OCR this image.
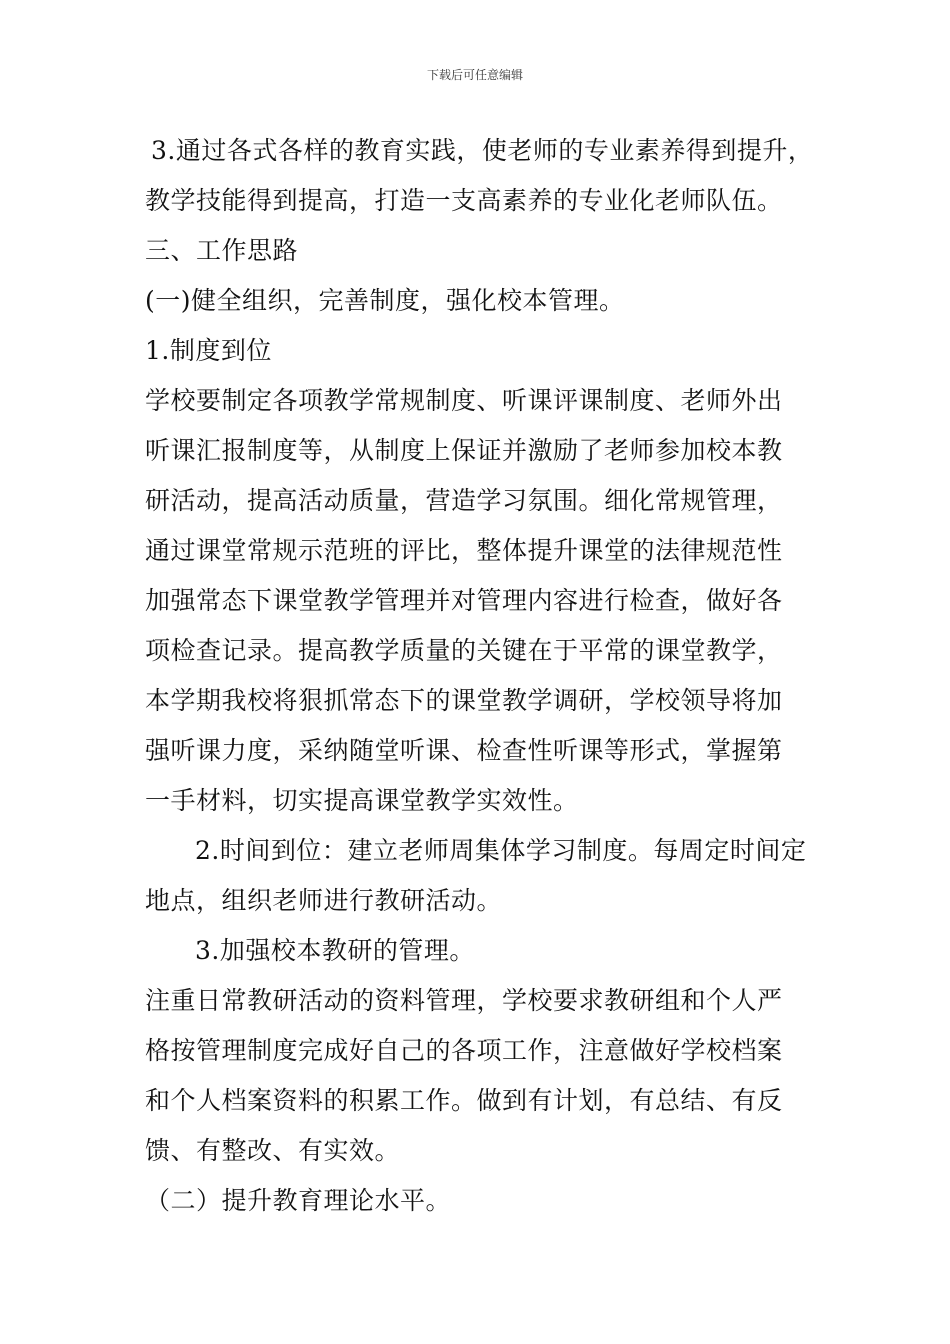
下载后可任意编辑
3.通过各式各样的教育实践，使老师的专业素养得到提升，
教学技能得到提高，打造一支高素养的专业化老师队伍。
三、工作思路
(一)健全组织，完善制度，强化校本管理。
1.制度到位
学校要制定各项教学常规制度、听课评课制度、老师外出
听课汇报制度等，从制度上保证并激励了老师参加校本教
研活动，提高活动质量，营造学习氛围。细化常规管理，
通过课堂常规示范班的评比，整体提升课堂的法律规范性
加强常态下课堂教学管理并对管理内容进行检查，做好各
项检查记录。提高教学质量的关键在于平常的课堂教学，
本学期我校将狠抓常态下的课堂教学调研，学校领导将加
强听课力度，采纳随堂听课、检查性听课等形式，掌握第
一手材料，切实提高课堂教学实效性。
2.时间到位：建立老师周集体学习制度。每周定时间定
地点，组织老师进行教研活动。
3.加强校本教研的管理。
注重日常教研活动的资料管理，学校要求教研组和个人严
格按管理制度完成好自己的各项工作，注意做好学校档案
和个人档案资料的积累工作。做到有计划，有总结、有反
馈、有整改、有实效。
（二）提升教育理论水平。
